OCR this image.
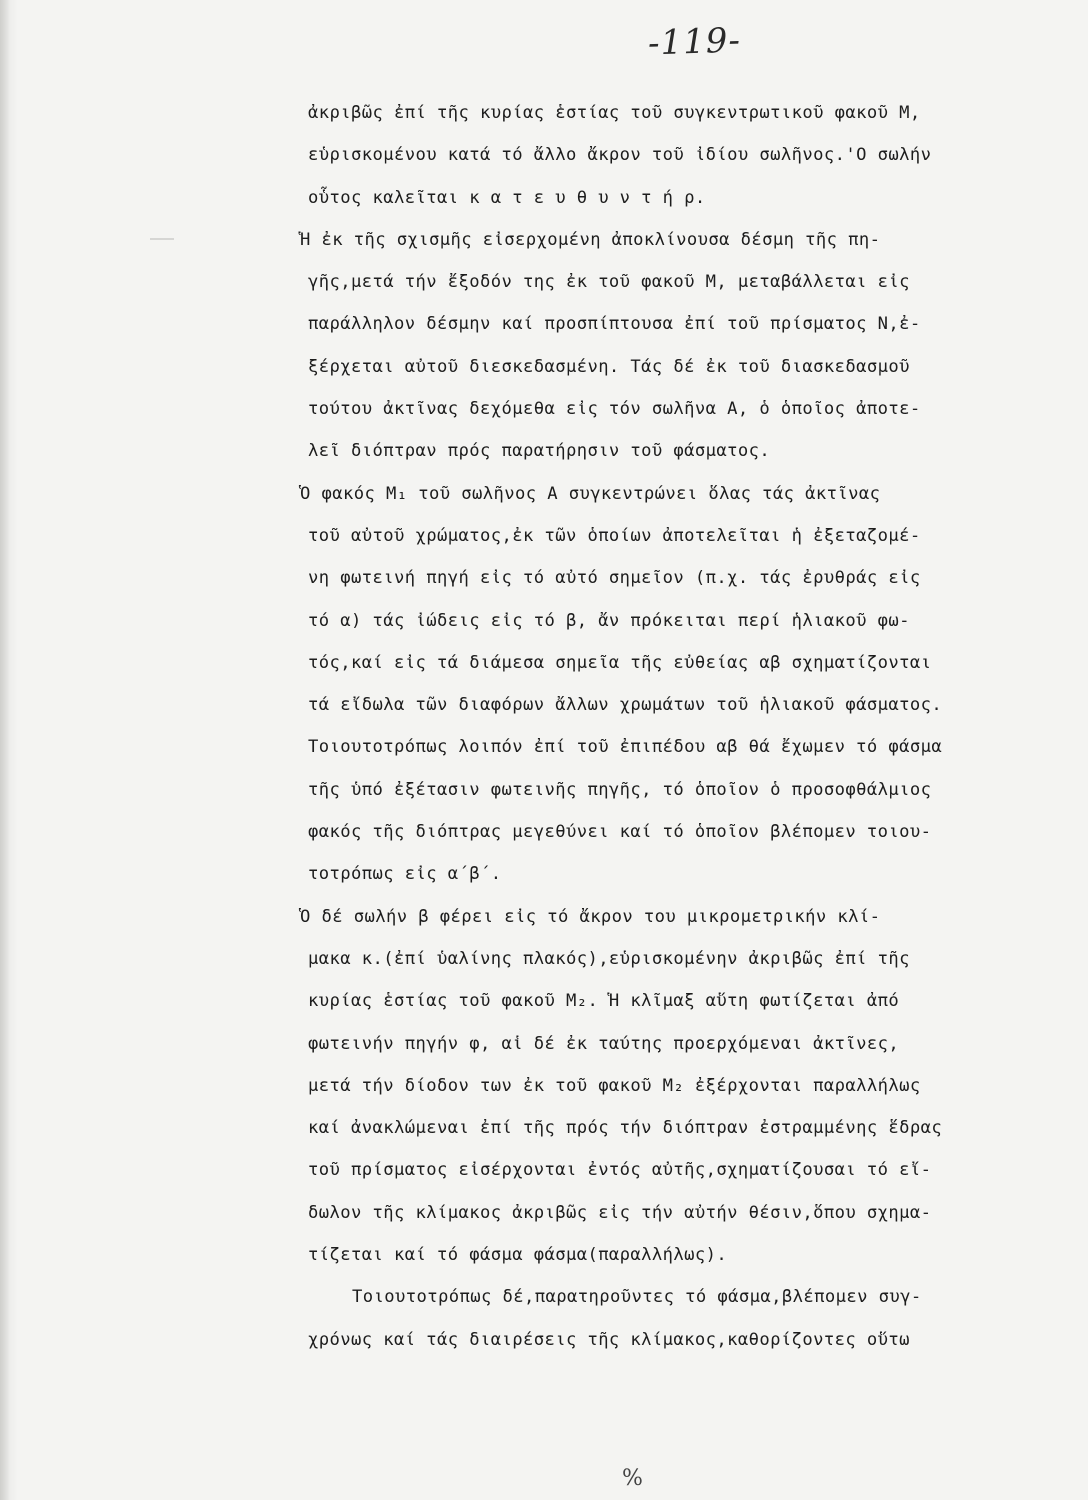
-119-
ἀκριβῶς ἐπί τῆς κυρίας ἑστίας τοῦ συγκεντρωτικοῦ φακοῦ Μ,
εὑρισκομένου κατά τό ἄλλο ἄκρον τοῦ ἰδίου σωλῆνος.'Ο σωλήν
οὗτος καλεῖται κ α τ ε υ θ υ ν τ ή ρ.
Ἡ ἐκ τῆς σχισμῆς εἰσερχομένη ἀποκλίνουσα δέσμη τῆς πη-
γῆς,μετά τήν ἔξοδόν της ἐκ τοῦ φακοῦ Μ, μεταβάλλεται εἰς
παράλληλον δέσμην καί προσπίπτουσα ἐπί τοῦ πρίσματος Ν,ἐ-
ξέρχεται αὐτοῦ διεσκεδασμένη. Τάς δέ ἐκ τοῦ διασκεδασμοῦ
τούτου ἀκτῖνας δεχόμεθα εἰς τόν σωλῆνα Α, ὁ ὁποῖος ἀποτε-
λεῖ διόπτραν πρός παρατήρησιν τοῦ φάσματος.
Ὁ φακός Μ₁ τοῦ σωλῆνος Α συγκεντρώνει ὅλας τάς ἀκτῖνας
τοῦ αὐτοῦ χρώματος,ἐκ τῶν ὁποίων ἀποτελεῖται ἡ ἐξεταζομέ-
νη φωτεινή πηγή εἰς τό αὐτό σημεῖον (π.χ. τάς ἐρυθράς εἰς
τό α) τάς ἰώδεις εἰς τό β, ἄν πρόκειται περί ἡλιακοῦ φω-
τός,καί εἰς τά διάμεσα σημεῖα τῆς εὐθείας αβ σχηματίζονται
τά εἴδωλα τῶν διαφόρων ἄλλων χρωμάτων τοῦ ἡλιακοῦ φάσματος.
Τοιουτοτρόπως λοιπόν ἐπί τοῦ ἐπιπέδου αβ θά ἔχωμεν τό φάσμα
τῆς ὑπό ἐξέτασιν φωτεινῆς πηγῆς, τό ὁποῖον ὁ προσοφθάλμιος
φακός τῆς διόπτρας μεγεθύνει καί τό ὁποῖον βλέπομεν τοιου-
τοτρόπως εἰς α΄β΄.
Ὁ δέ σωλήν β φέρει εἰς τό ἄκρον του μικρομετρικήν κλί-
μακα κ.(ἐπί ὑαλίνης πλακός),εὑρισκομένην ἀκριβῶς ἐπί τῆς
κυρίας ἑστίας τοῦ φακοῦ Μ₂. Ἡ κλῖμαξ αὕτη φωτίζεται ἀπό
φωτεινήν πηγήν φ, αἱ δέ ἐκ ταύτης προερχόμεναι ἀκτῖνες,
μετά τήν δίοδον των ἐκ τοῦ φακοῦ Μ₂ ἐξέρχονται παραλλήλως
καί ἀνακλώμεναι ἐπί τῆς πρός τήν διόπτραν ἐστραμμένης ἕδρας
τοῦ πρίσματος εἰσέρχονται ἐντός αὐτῆς,σχηματίζουσαι τό εἴ-
δωλον τῆς κλίμακος ἀκριβῶς εἰς τήν αὐτήν θέσιν,ὅπου σχημα-
τίζεται καί τό φάσμα φάσμα(παραλλήλως).
Τοιουτοτρόπως δέ,παρατηροῦντες τό φάσμα,βλέπομεν συγ-
χρόνως καί τάς διαιρέσεις τῆς κλίμακος,καθορίζοντες οὕτω
%
